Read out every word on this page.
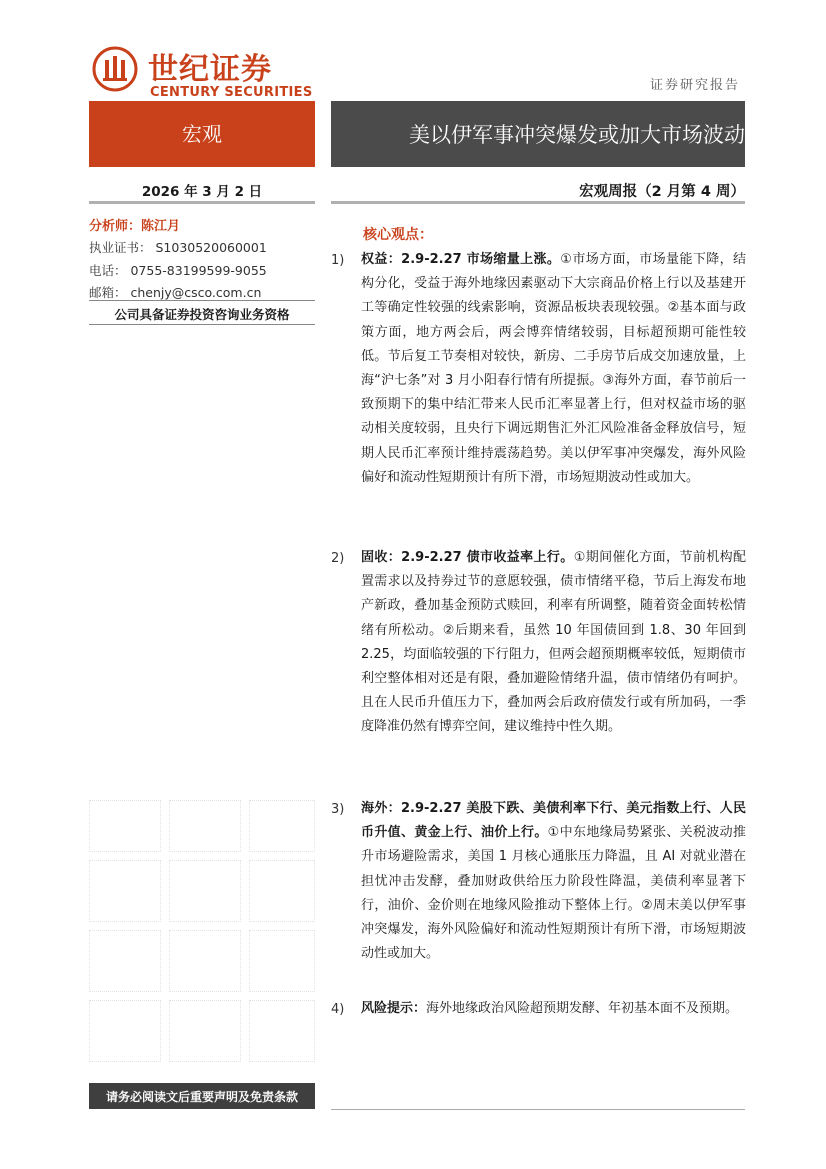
世纪证券
CENTURY SECURITIES	证券研究报告
宏观	美以伊军事冲突爆发或加大市场波动
2026 年 3 月 2 日	宏观周报（2 月第 4 周）
分析师：陈江月
执业证书： S1030520060001
电话： 0755-83199599-9055
邮箱： chenjy@csco.com.cn
公司具备证券投资咨询业务资格
请务必阅读文后重要声明及免责条款
核心观点：
1) 权益：2.9-2.27 市场缩量上涨。①市场方面，市场量能下降，结构分化，受益于海外地缘因素驱动下大宗商品价格上行以及基建开工等确定性较强的线索影响，资源品板块表现较强。②基本面与政策方面，地方两会后，两会博弈情绪较弱，目标超预期可能性较低。节后复工节奏相对较快，新房、二手房节后成交加速放量，上海“沪七条”对 3 月小阳春行情有所提振。③海外方面，春节前后一致预期下的集中结汇带来人民币汇率显著上行，但对权益市场的驱动相关度较弱，且央行下调远期售汇外汇风险准备金释放信号，短期人民币汇率预计维持震荡趋势。美以伊军事冲突爆发，海外风险偏好和流动性短期预计有所下滑，市场短期波动性或加大。
2) 固收：2.9-2.27 债市收益率上行。①期间催化方面，节前机构配置需求以及持券过节的意愿较强，债市情绪平稳，节后上海发布地产新政，叠加基金预防式赎回，利率有所调整，随着资金面转松情绪有所松动。②后期来看，虽然 10 年国债回到 1.8、30 年回到 2.25，均面临较强的下行阻力，但两会超预期概率较低，短期债市利空整体相对还是有限，叠加避险情绪升温，债市情绪仍有呵护。且在人民币升值压力下，叠加两会后政府债发行或有所加码，一季度降准仍然有博弈空间，建议维持中性久期。
3) 海外：2.9-2.27 美股下跌、美债利率下行、美元指数上行、人民币升值、黄金上行、油价上行。①中东地缘局势紧张、关税波动推升市场避险需求，美国 1 月核心通胀压力降温，且 AI 对就业潜在担忧冲击发酵，叠加财政供给压力阶段性降温，美债利率显著下行，油价、金价则在地缘风险推动下整体上行。②周末美以伊军事冲突爆发，海外风险偏好和流动性短期预计有所下滑，市场短期波动性或加大。
4) 风险提示：海外地缘政治风险超预期发酵、年初基本面不及预期。
